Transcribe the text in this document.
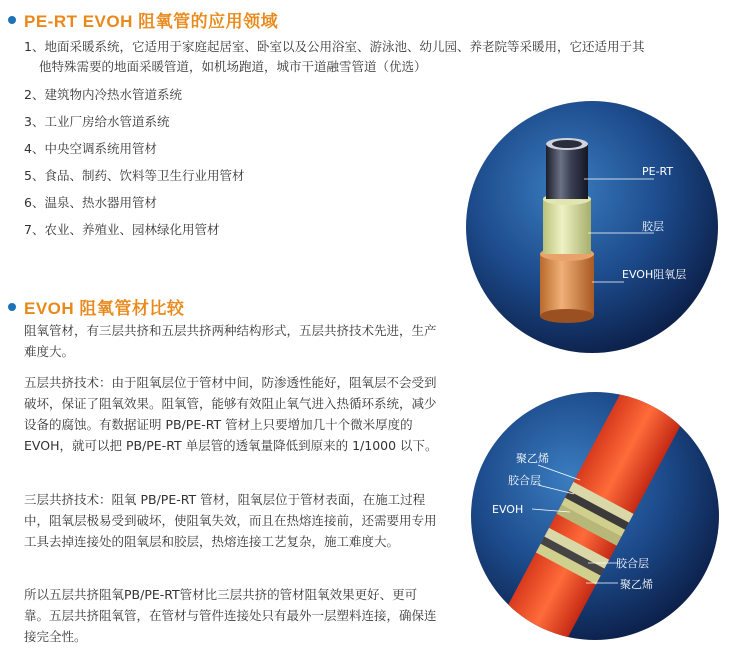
PE-RT EVOH 阻氧管的应用领域
1、地面采暖系统，它适用于家庭起居室、卧室以及公用浴室、游泳池、幼儿园、养老院等采暖用，它还适用于其
他特殊需要的地面采暖管道，如机场跑道，城市干道融雪管道（优选）
2、建筑物内冷热水管道系统
3、工业厂房给水管道系统
4、中央空调系统用管材
5、食品、制药、饮料等卫生行业用管材
6、温泉、热水器用管材
7、农业、养殖业、园林绿化用管材
EVOH 阻氧管材比较

阻氧管材，有三层共挤和五层共挤两种结构形式，五层共挤技术先进，生产难度大。

五层共挤技术：由于阻氧层位于管材中间，防渗透性能好，阻氧层不会受到破坏，保证了阻氧效果。阻氧管，能够有效阻止氧气进入热循环系统，减少设备的腐蚀。有数据证明 PB/PE-RT 管材上只要增加几十个微米厚度的 EVOH，就可以把 PB/PE-RT 单层管的透氧量降低到原来的 1/1000 以下。

三层共挤技术：阻氧 PB/PE-RT 管材，阻氧层位于管材表面，在施工过程中，阻氧层极易受到破坏，使阻氧失效，而且在热熔连接前，还需要用专用工具去掉连接处的阻氧层和胶层，热熔连接工艺复杂，施工难度大。

所以五层共挤阻氧PB/PE-RT管材比三层共挤的管材阻氧效果更好、更可靠。五层共挤阻氧管，在管材与管件连接处只有最外一层塑料连接，确保连接完全性。

PE-RT
胶层
EVOH阻氧层
聚乙烯
胶合层
EVOH
胶合层
聚乙烯
